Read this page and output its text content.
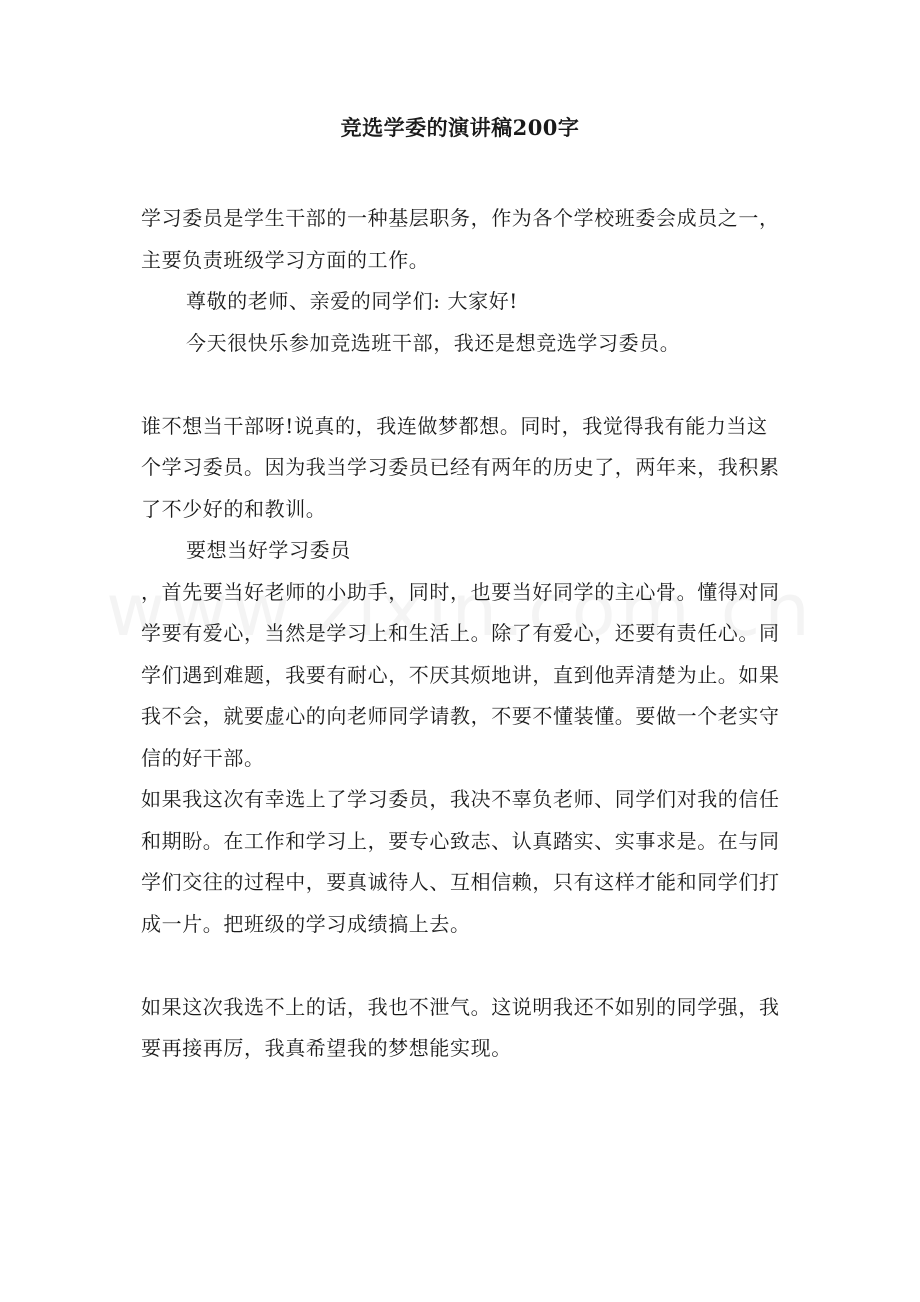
竞选学委的演讲稿200字

学习委员是学生干部的一种基层职务，作为各个学校班委会成员之一，主要负责班级学习方面的工作。

尊敬的老师、亲爱的同学们: 大家好!

今天很快乐参加竞选班干部，我还是想竞选学习委员。

谁不想当干部呀!说真的，我连做梦都想。同时，我觉得我有能力当这个学习委员。因为我当学习委员已经有两年的历史了，两年来，我积累了不少好的和教训。

要想当好学习委员

，首先要当好老师的小助手，同时，也要当好同学的主心骨。懂得对同学要有爱心，当然是学习上和生活上。除了有爱心，还要有责任心。同学们遇到难题，我要有耐心，不厌其烦地讲，直到他弄清楚为止。如果我不会，就要虚心的向老师同学请教，不要不懂装懂。要做一个老实守信的好干部。

如果我这次有幸选上了学习委员，我决不辜负老师、同学们对我的信任和期盼。在工作和学习上，要专心致志、认真踏实、实事求是。在与同学们交往的过程中，要真诚待人、互相信赖，只有这样才能和同学们打成一片。把班级的学习成绩搞上去。

如果这次我选不上的话，我也不泄气。这说明我还不如别的同学强，我要再接再厉，我真希望我的梦想能实现。
